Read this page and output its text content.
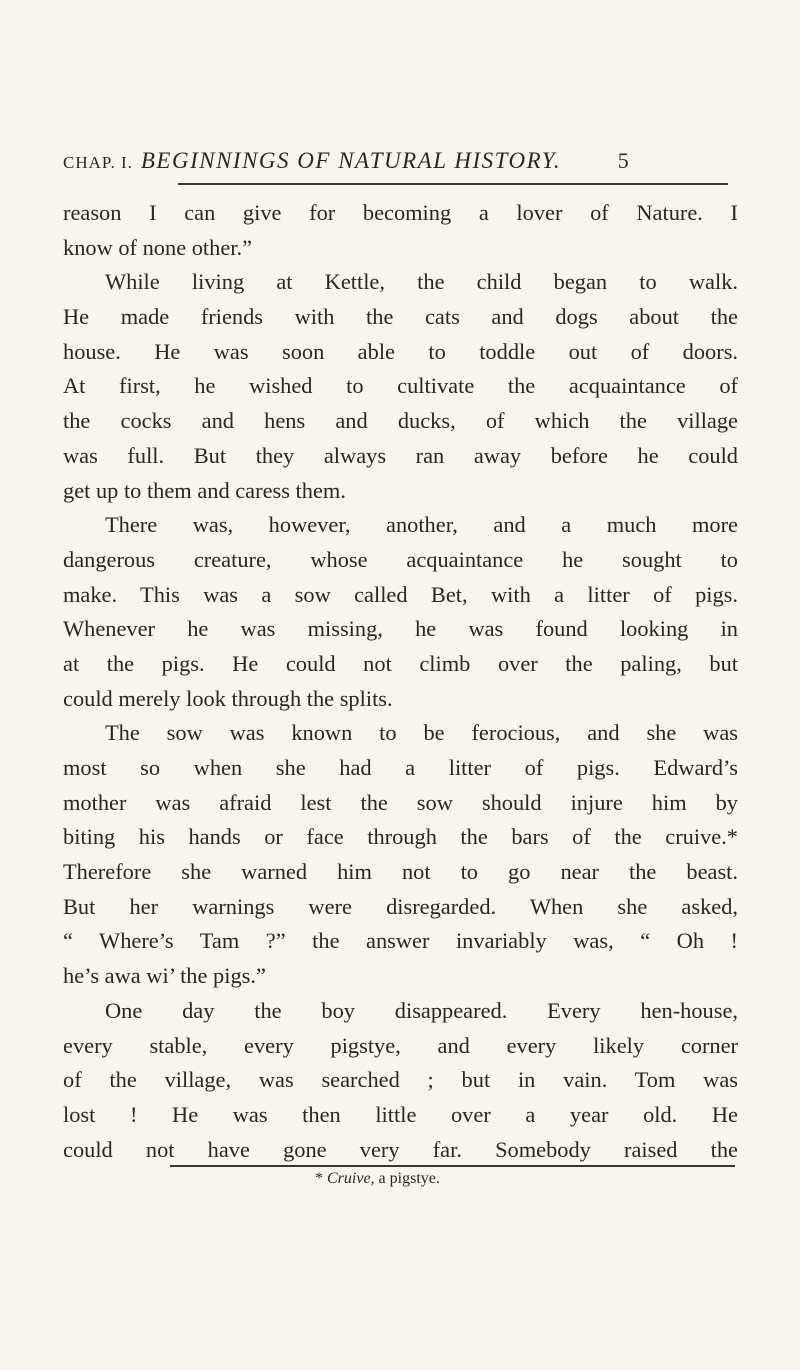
CHAP. I. BEGINNINGS OF NATURAL HISTORY.	5
reason I can give for becoming a lover of Nature. I
know of none other.”
While living at Kettle, the child began to walk.
He made friends with the cats and dogs about the
house. He was soon able to toddle out of doors.
At first, he wished to cultivate the acquaintance of
the cocks and hens and ducks, of which the village
was full. But they always ran away before he could
get up to them and caress them.
There was, however, another, and a much more
dangerous creature, whose acquaintance he sought to
make. This was a sow called Bet, with a litter of pigs.
Whenever he was missing, he was found looking in
at the pigs. He could not climb over the paling, but
could merely look through the splits.
The sow was known to be ferocious, and she was
most so when she had a litter of pigs. Edward’s
mother was afraid lest the sow should injure him by
biting his hands or face through the bars of the cruive.*
Therefore she warned him not to go near the beast.
But her warnings were disregarded. When she asked,
“ Where’s Tam ?” the answer invariably was, “ Oh !
he’s awa wi’ the pigs.”
One day the boy disappeared. Every hen-house,
every stable, every pigstye, and every likely corner
of the village, was searched ; but in vain. Tom was
lost ! He was then little over a year old. He
could not have gone very far. Somebody raised the
* Cruive, a pigstye.
